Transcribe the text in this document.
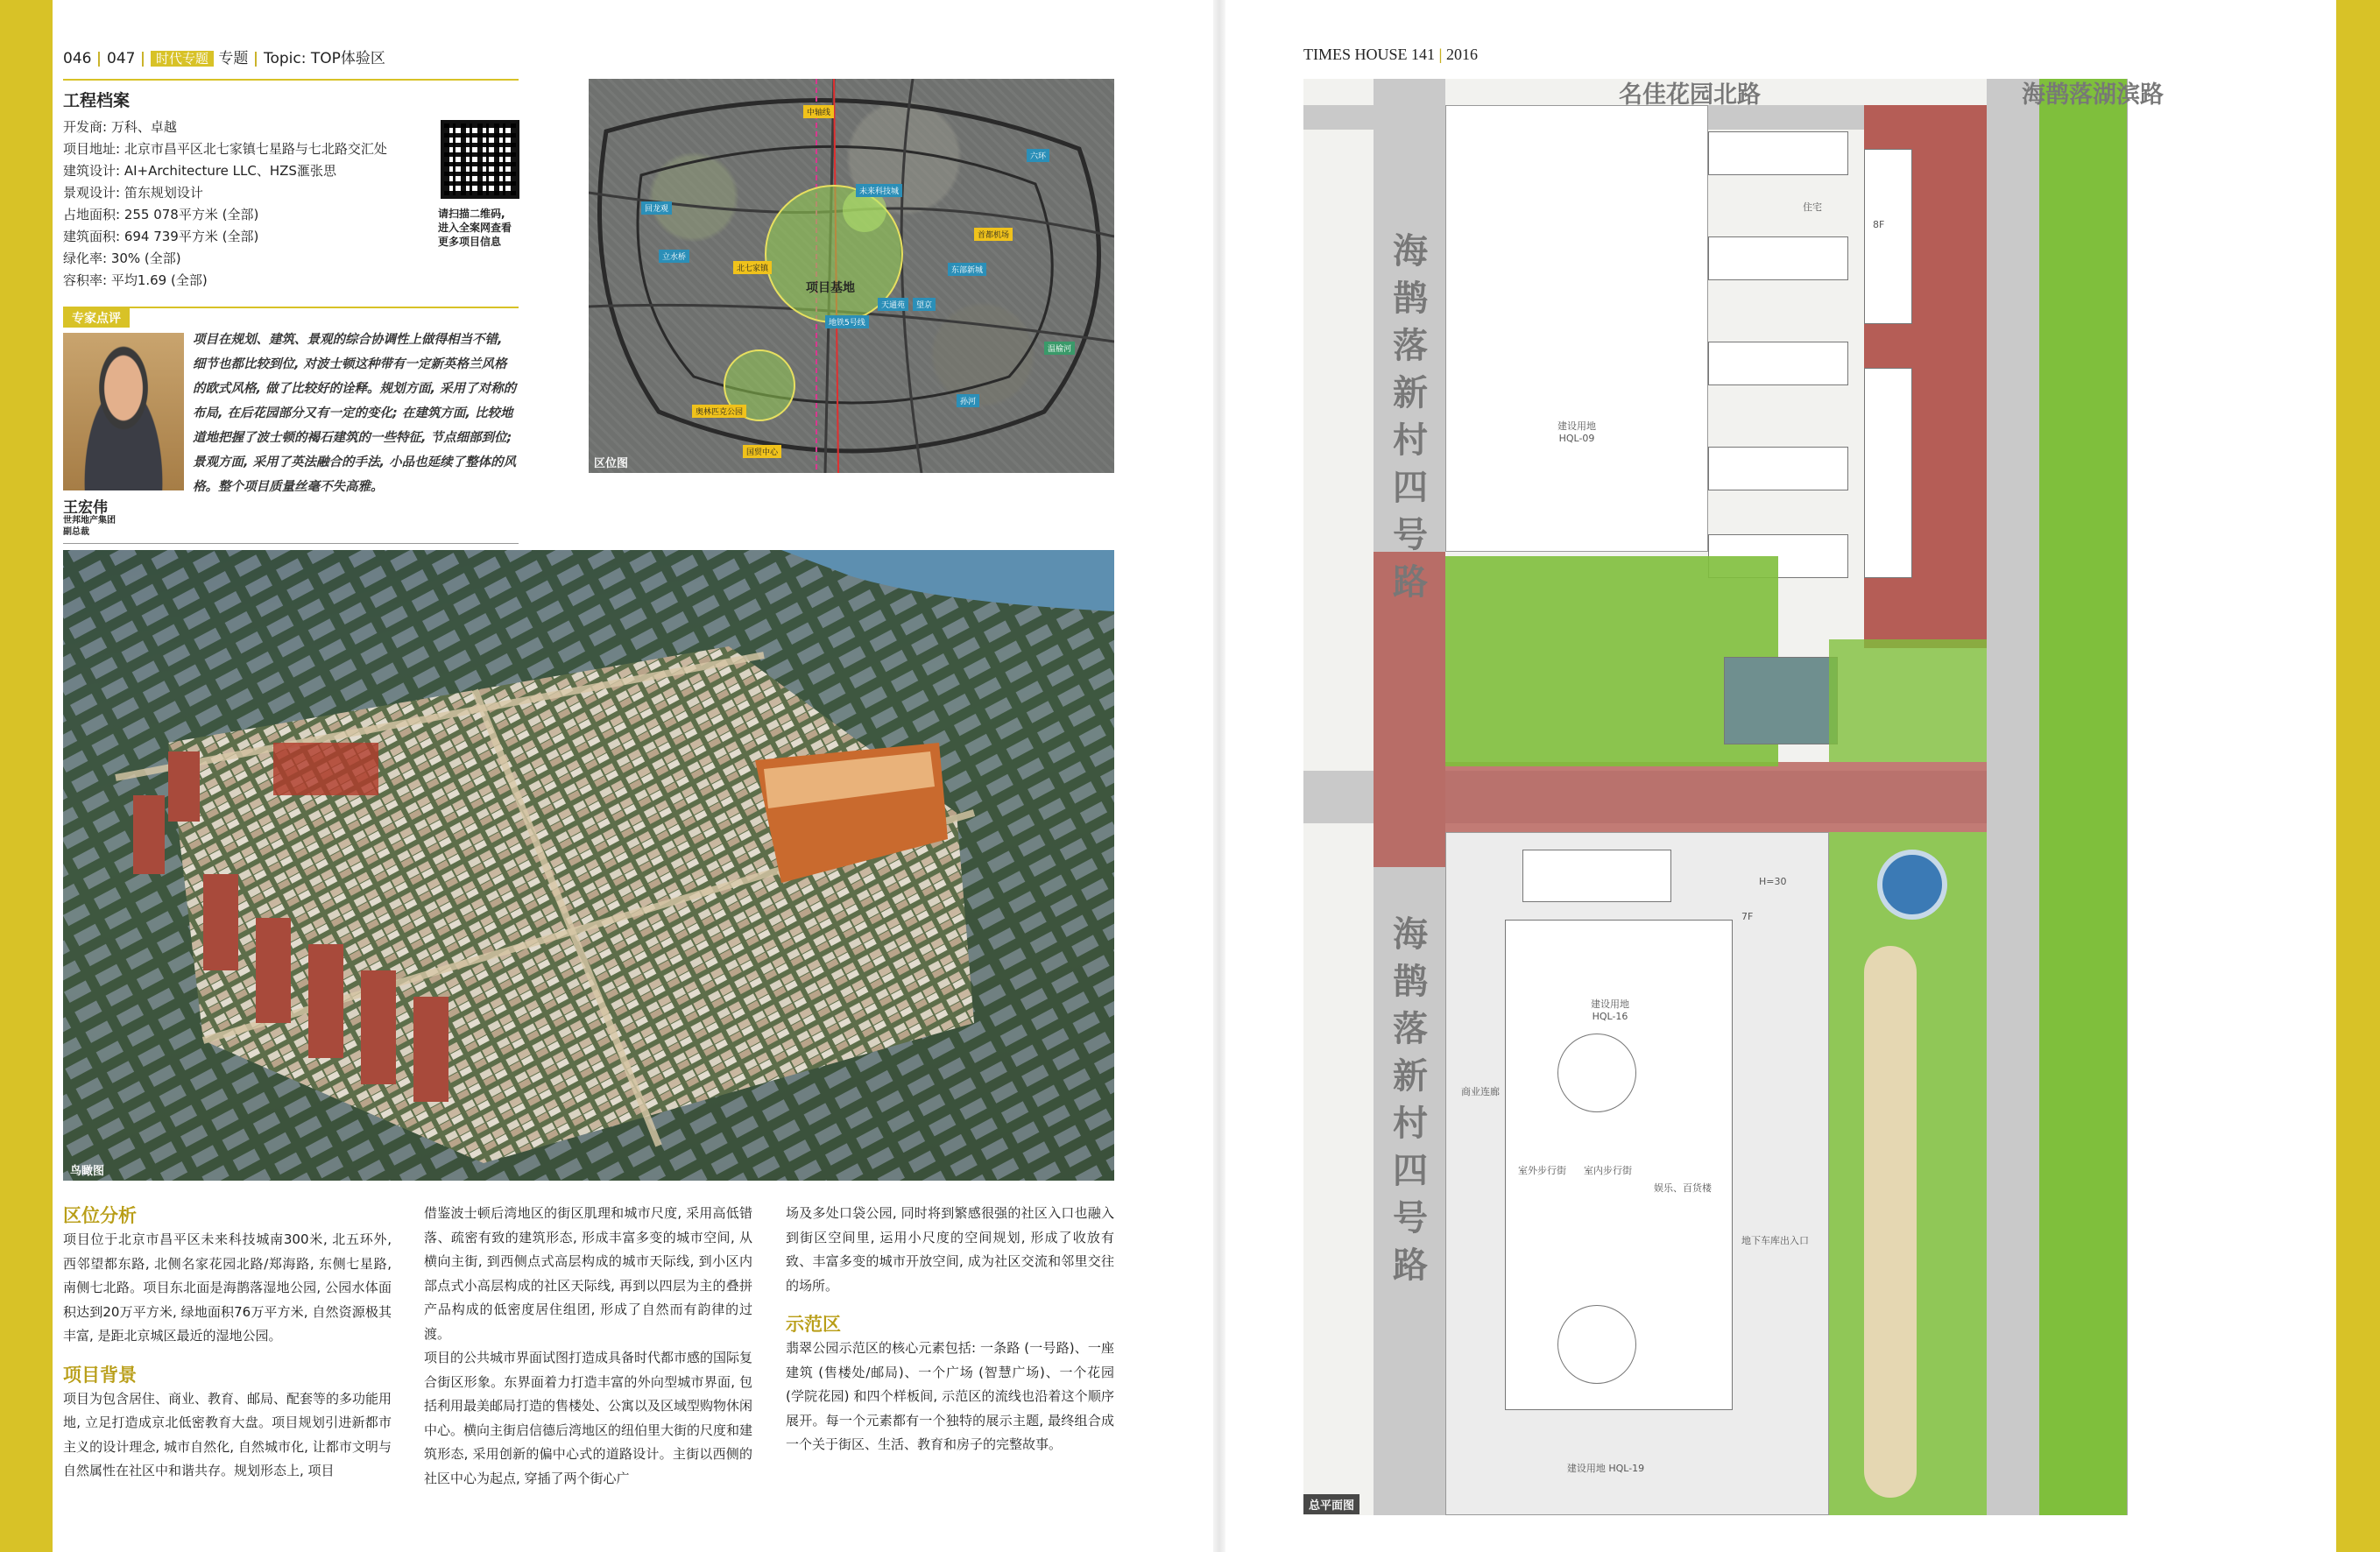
046 | 047 | 时代专题 专题 | Topic: TOP体验区	TIMES HOUSE 141 | 2016
工程档案
开发商: 万科、卓越
项目地址: 北京市昌平区北七家镇七星路与七北路交汇处
建筑设计: AI+Architecture LLC、HZS滙张思
景观设计: 笛东规划设计
占地面积: 255 078平方米 (全部)
建筑面积: 694 739平方米 (全部)
绿化率: 30% (全部)
容积率: 平均1.69 (全部)
请扫描二维码,
进入全案网查看
更多项目信息
专家点评
项目在规划、建筑、景观的综合协调性上做得相当不错, 细节也都比较到位, 对波士顿这种带有一定新英格兰风格的欧式风格, 做了比较好的诠释。规划方面, 采用了对称的布局, 在后花园部分又有一定的变化; 在建筑方面, 比较地道地把握了波士顿的褐石建筑的一些特征, 节点细部到位; 景观方面, 采用了英法融合的手法, 小品也延续了整体的风格。整个项目质量丝毫不失高雅。
王宏伟
世邦地产集团
副总裁
中轴线
项目基地
北七家镇
首都机场
未来科技城
奥林匹克公园
国贸中心
温榆河
六环
回龙观
立水桥
望京
天通苑
东部新城
孙河
地铁5号线
区位图
鸟瞰图
区位分析
项目位于北京市昌平区未来科技城南300米, 北五环外, 西邻望都东路, 北侧名家花园北路/郑海路, 东侧七星路, 南侧七北路。项目东北面是海鹊落湿地公园, 公园水体面积达到20万平方米, 绿地面积76万平方米, 自然资源极其丰富, 是距北京城区最近的湿地公园。
项目背景
项目为包含居住、商业、教育、邮局、配套等的多功能用地, 立足打造成京北低密教育大盘。项目规划引进新都市主义的设计理念, 城市自然化, 自然城市化, 让都市文明与自然属性在社区中和谐共存。规划形态上, 项目
借鉴波士顿后湾地区的街区肌理和城市尺度, 采用高低错落、疏密有致的建筑形态, 形成丰富多变的城市空间, 从横向主街, 到西侧点式高层构成的城市天际线, 到小区内部点式小高层构成的社区天际线, 再到以四层为主的叠拼产品构成的低密度居住组团, 形成了自然而有韵律的过渡。
项目的公共城市界面试图打造成具备时代都市感的国际复合街区形象。东界面着力打造丰富的外向型城市界面, 包括利用最美邮局打造的售楼处、公寓以及区域型购物休闲中心。横向主街启信德后湾地区的纽伯里大街的尺度和建筑形态, 采用创新的偏中心式的道路设计。主街以西侧的社区中心为起点, 穿插了两个街心广
场及多处口袋公园, 同时将到繁感很强的社区入口也融入到街区空间里, 运用小尺度的空间规划, 形成了收放有致、丰富多变的城市开放空间, 成为社区交流和邻里交往的场所。
示范区
翡翠公园示范区的核心元素包括: 一条路 (一号路)、一座建筑 (售楼处/邮局)、一个广场 (智慧广场)、一个花园 (学院花园) 和四个样板间, 示范区的流线也沿着这个顺序展开。每一个元素都有一个独特的展示主题, 最终组合成一个关于街区、生活、教育和房子的完整故事。
建设用地
HQL-09
住宅
8F
建设用地
HQL-16
商业连廊
室外步行街 室内步行街
娱乐、百货楼
地下车库出入口
7F
H=30
建设用地 HQL-19
名佳花园北路	海鹊落湖滨路
海鹊落新村四号路
海鹊落新村四号路
总平面图
